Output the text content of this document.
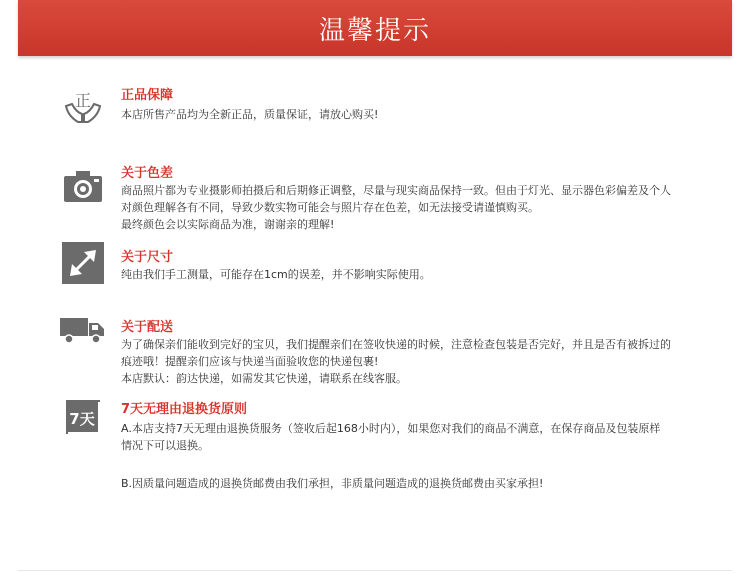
温馨提示
正 正品保障

本店所售产品均为全新正品，质量保证，请放心购买!

关于色差

商品照片都为专业摄影师拍摄后和后期修正调整，尽量与现实商品保持一致。但由于灯光、显示器色彩偏差及个人

对颜色理解各有不同，导致少数实物可能会与照片存在色差，如无法接受请谨慎购买。

最终颜色会以实际商品为准，谢谢亲的理解!

关于尺寸

纯由我们手工测量，可能存在1cm的误差，并不影响实际使用。

关于配送

为了确保亲们能收到完好的宝贝，我们提醒亲们在签收快递的时候，注意检查包装是否完好，并且是否有被拆过的

痕迹哦！提醒亲们应该与快递当面验收您的快递包裹!

本店默认：韵达快递，如需发其它快递，请联系在线客服。

7天
7天无理由退换货原则

A.本店支持7天无理由退换货服务（签收后起168小时内），如果您对我们的商品不满意，在保存商品及包装原样

情况下可以退换。

B.因质量问题造成的退换货邮费由我们承担，非质量问题造成的退换货邮费由买家承担!
